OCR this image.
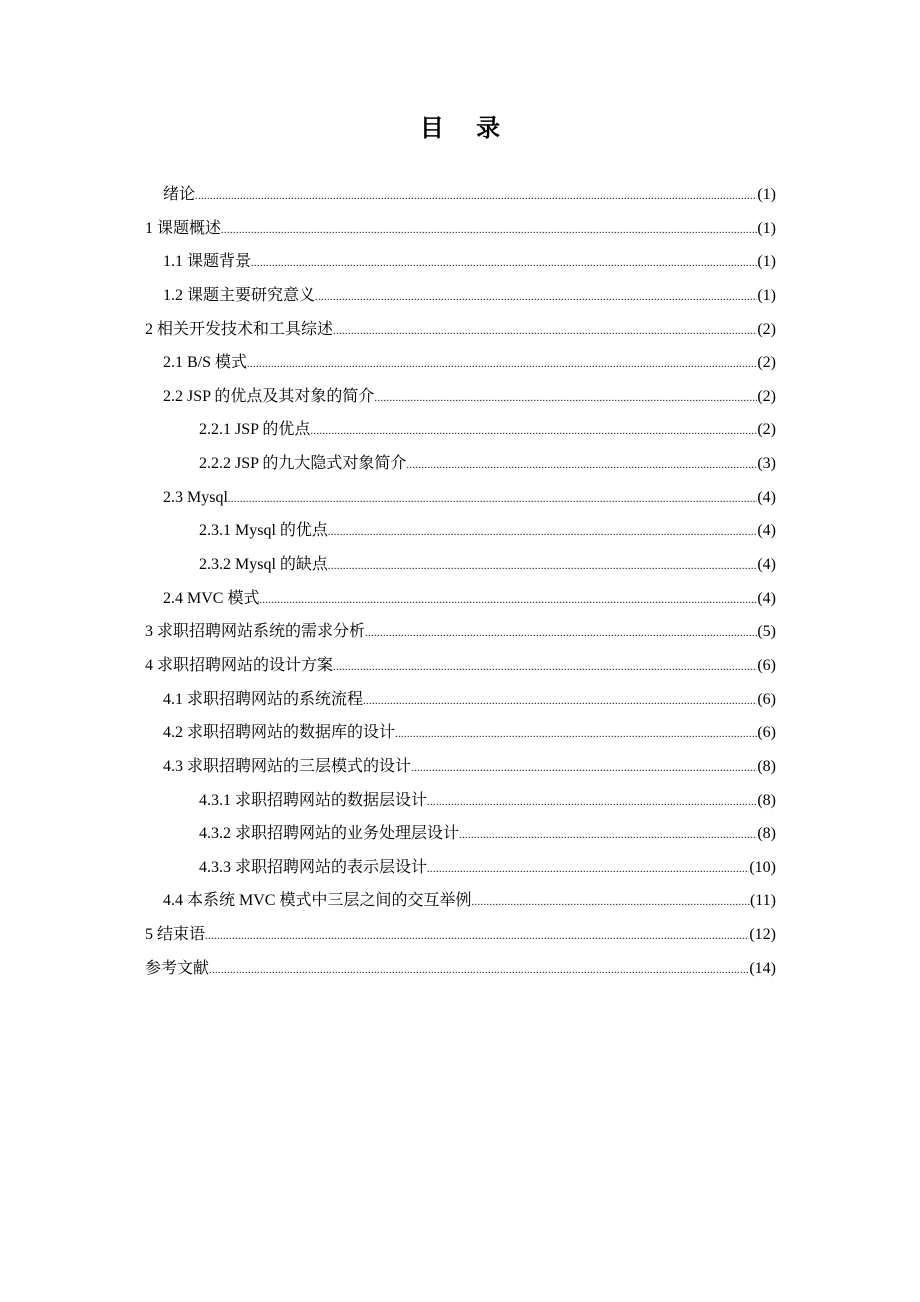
目 录
绪论 .....	(1)
1 课题概述 .....	(1)
1.1 课题背景 .....	(1)
1.2 课题主要研究意义 .....	(1)
2 相关开发技术和工具综述 .....	(2)
2.1 B/S 模式 .....	(2)
2.2 JSP 的优点及其对象的简介 .....	(2)
2.2.1 JSP 的优点 .....	(2)
2.2.2 JSP 的九大隐式对象简介 .....	(3)
2.3 Mysql .....	(4)
2.3.1 Mysql 的优点 .....	(4)
2.3.2 Mysql 的缺点 .....	(4)
2.4 MVC 模式 .....	(4)
3 求职招聘网站系统的需求分析 .....	(5)
4 求职招聘网站的设计方案 .....	(6)
4.1 求职招聘网站的系统流程 .....	(6)
4.2 求职招聘网站的数据库的设计 .....	(6)
4.3 求职招聘网站的三层模式的设计 .....	(8)
4.3.1 求职招聘网站的数据层设计 .....	(8)
4.3.2 求职招聘网站的业务处理层设计 .....	(8)
4.3.3 求职招聘网站的表示层设计 .....	(10)
4.4 本系统 MVC 模式中三层之间的交互举例 .....	(11)
5 结束语 .....	(12)
参考文献 .....	(14)
